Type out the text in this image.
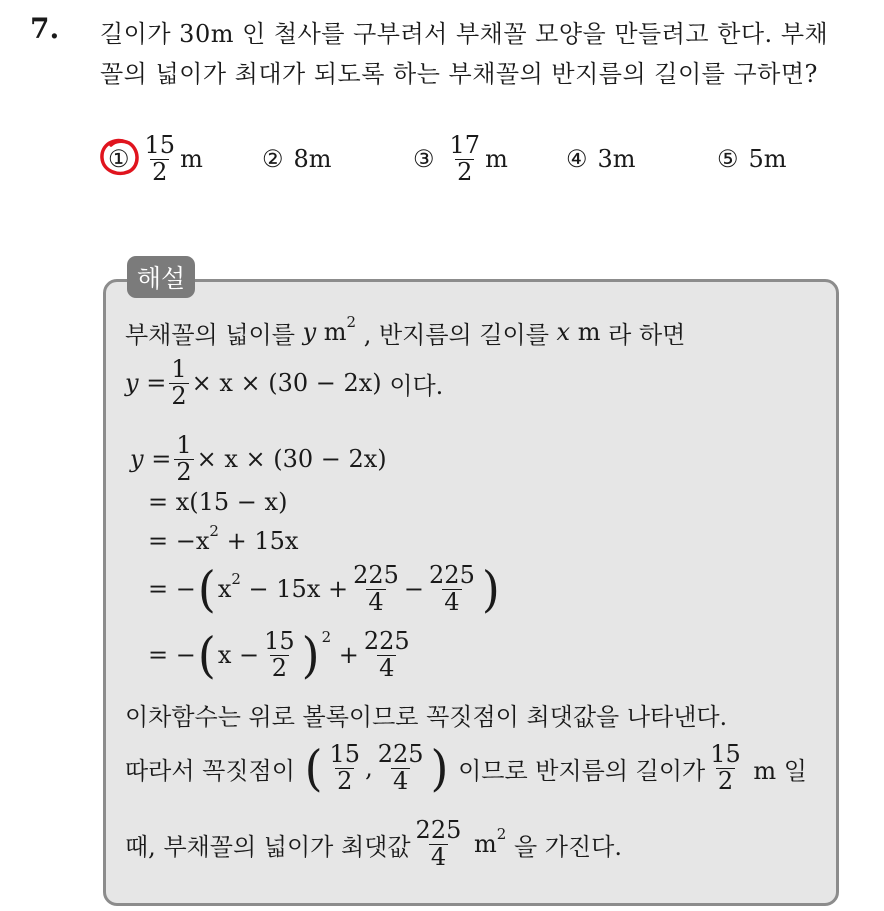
7. 길이가 30m 인 철사를 구부려서 부채꼴 모양을 만들려고 한다. 부채
꼴의 넓이가 최대가 되도록 하는 부채꼴의 반지름의 길이를 구하면?
① $\frac{15}{2}$ m ② 8m	③ $\frac{17}{2}$ m ④ 3m	⑤ 5m
해설
부채꼴의 넓이를
y
$m^2$
, 반지름의 길이를
x
m
라 하면
y
= $\frac{1}{2} \times x \times (30 - 2x)$
이다.
y
= $\frac{1}{2} \times x \times (30 - 2x)$
= x(15 − x)
= $-x^2$
+ 15x
= − ( $x^2$
− $15x + \frac{225}{4} - \frac{225}{4}$ )
= − ( $x - \frac{15}{2} )^2$

+ $\frac{225}{4}$
이차함수는 위로 볼록이므로 꼭짓점이 최댓값을 나타낸다.
따라서 꼭짓점이
( $\frac{15}{2}$ , $\frac{225}{4}$ )
이므로 반지름의 길이가 $\frac{15}{2}$
m 일
때, 부채꼴의 넓이가 최댓값 $\frac{225}{4}$
$m^2$
을 가진다.
